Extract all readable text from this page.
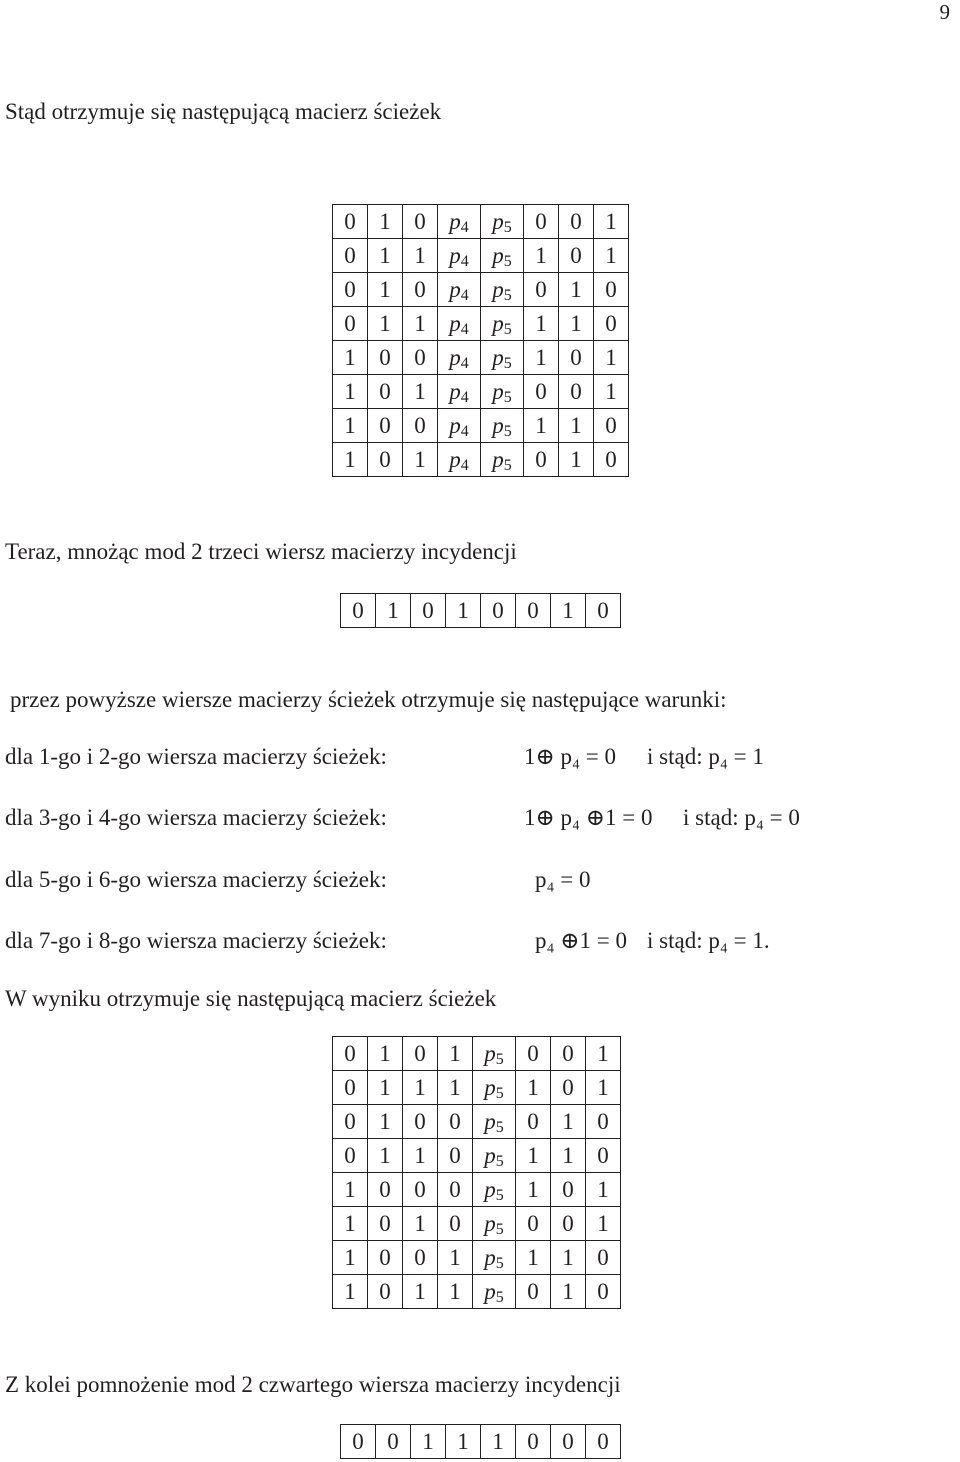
9
Stąd otrzymuje się następującą macierz ścieżek
0	1	0	$p_4$	$p_5$	0	0	1
0	1	1	$p_4$	$p_5$	1	0	1
0	1	0	$p_4$	$p_5$	0	1	0
0	1	1	$p_4$	$p_5$	1	1	0
1	0	0	$p_4$	$p_5$	1	0	1
1	0	1	$p_4$	$p_5$	0	0	1
1	0	0	$p_4$	$p_5$	1	1	0
1	0	1	$p_4$	$p_5$	0	1	0
Teraz, mnożąc mod 2 trzeci wiersz macierzy incydencji
0	1	0	1	0	0	1	0
przez powyższe wiersze macierzy ścieżek otrzymuje się następujące warunki:
dla 1-go i 2-go wiersza macierzy ścieżek:	1⊕ p₄ = 0 i stąd: p₄ = 1
dla 3-go i 4-go wiersza macierzy ścieżek:	1⊕ p₄ ⊕1 = 0 i stąd: p₄ = 0
dla 5-go i 6-go wiersza macierzy ścieżek:	p₄ = 0
dla 7-go i 8-go wiersza macierzy ścieżek:	p₄ ⊕1 = 0 i stąd: p₄ = 1.
W wyniku otrzymuje się następującą macierz ścieżek
0	1	0	1	$p_5$	0	0	1
0	1	1	1	$p_5$	1	0	1
0	1	0	0	$p_5$	0	1	0
0	1	1	0	$p_5$	1	1	0
1	0	0	0	$p_5$	1	0	1
1	0	1	0	$p_5$	0	0	1
1	0	0	1	$p_5$	1	1	0
1	0	1	1	$p_5$	0	1	0
Z kolei pomnożenie mod 2 czwartego wiersza macierzy incydencji
0	0	1	1	1	0	0	0
